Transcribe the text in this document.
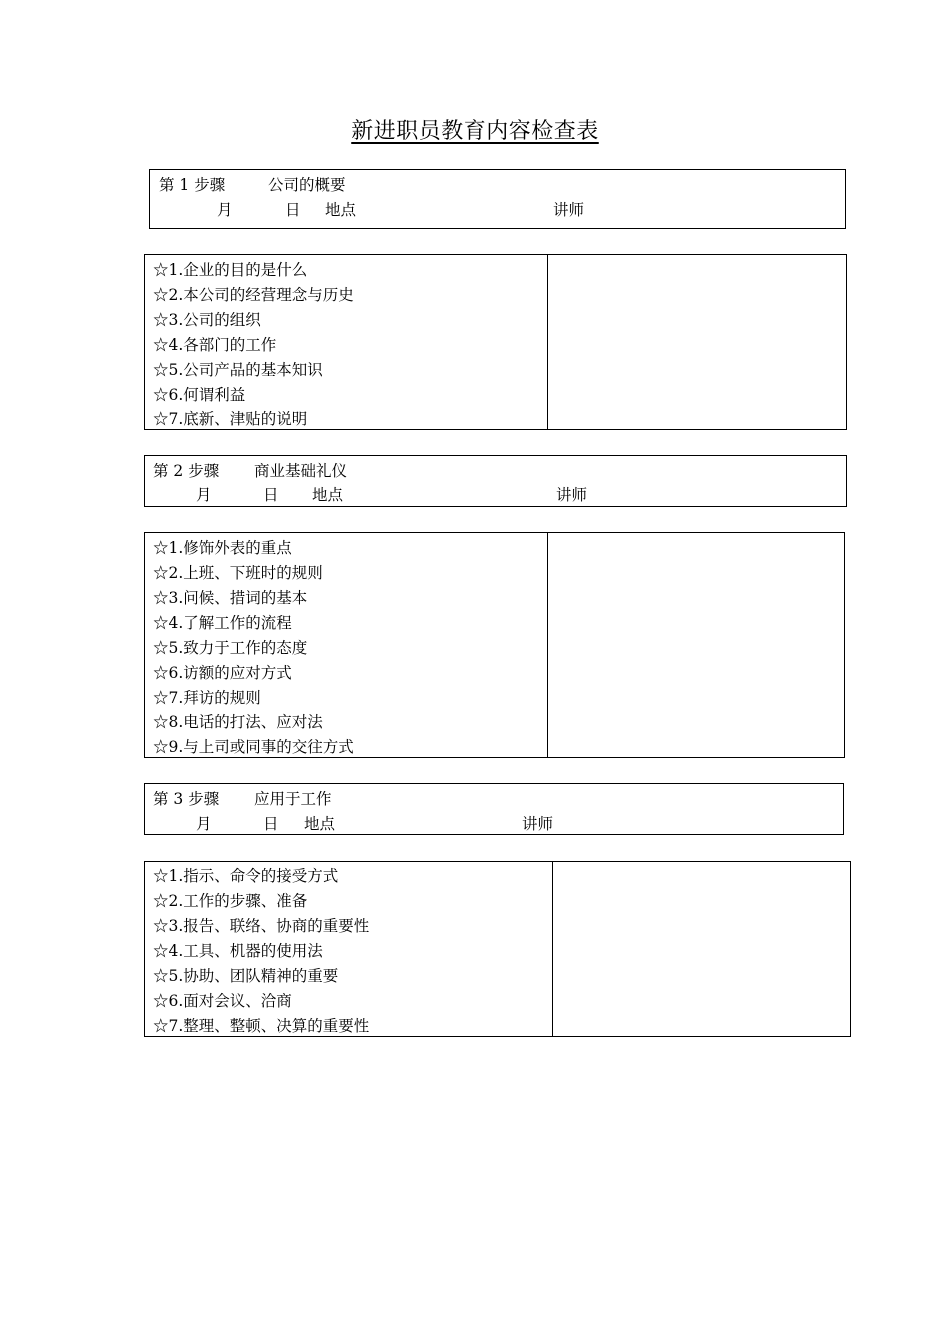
新进职员教育内容检查表
第 1 步骤	公司的概要
月	日 地点	讲师
☆1.企业的目的是什么
☆2.本公司的经营理念与历史
☆3.公司的组织
☆4.各部门的工作
☆5.公司产品的基本知识
☆6.何谓利益
☆7.底新、津贴的说明
第 2 步骤 商业基础礼仪
月	日 地点	讲师
☆1.修饰外表的重点
☆2.上班、下班时的规则
☆3.问候、措词的基本
☆4.了解工作的流程
☆5.致力于工作的态度
☆6.访额的应对方式
☆7.拜访的规则
☆8.电话的打法、应对法
☆9.与上司或同事的交往方式
第 3 步骤 应用于工作
月	日 地点	讲师
☆1.指示、命令的接受方式
☆2.工作的步骤、准备
☆3.报告、联络、协商的重要性
☆4.工具、机器的使用法
☆5.协助、团队精神的重要
☆6.面对会议、洽商
☆7.整理、整顿、决算的重要性
